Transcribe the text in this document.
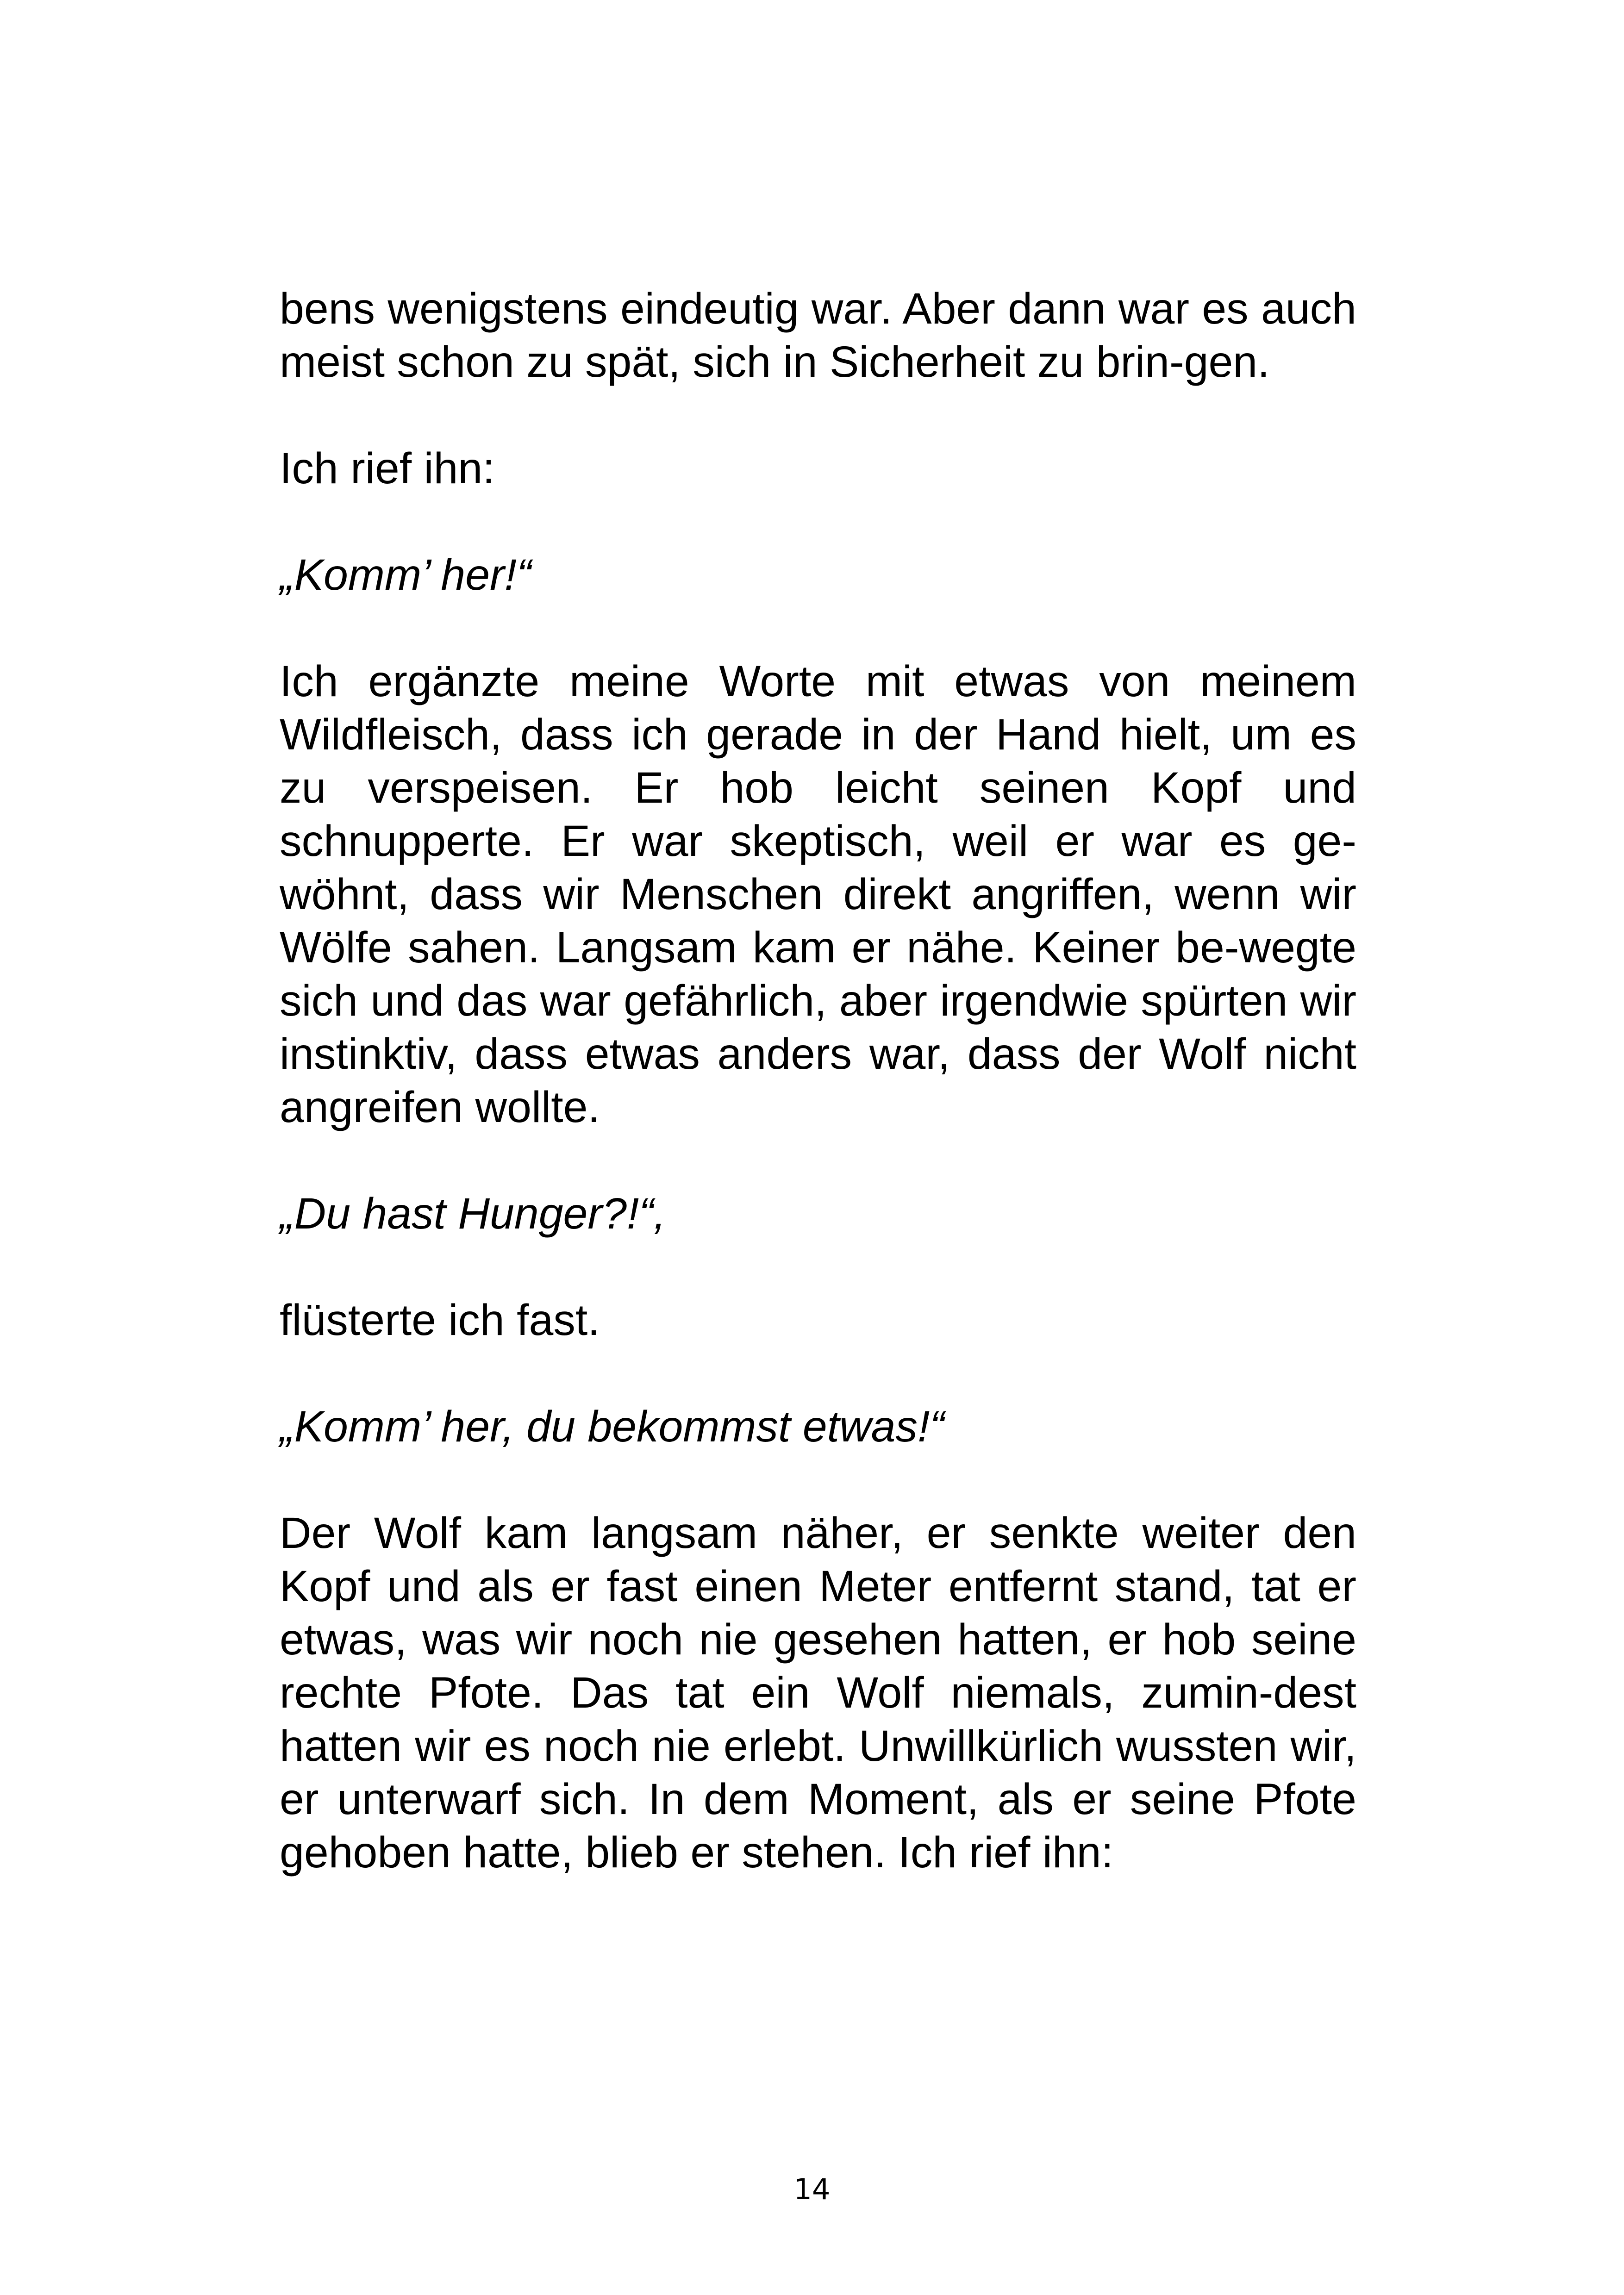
bens wenigstens eindeutig war. Aber dann war es auch meist schon zu spät, sich in Sicherheit zu brin-gen.

Ich rief ihn:

„Komm’ her!“

Ich ergänzte meine Worte mit etwas von meinem Wildfleisch, dass ich gerade in der Hand hielt, um es zu verspeisen. Er hob leicht seinen Kopf und schnupperte. Er war skeptisch, weil er war es ge-wöhnt, dass wir Menschen direkt angriffen, wenn wir Wölfe sahen. Langsam kam er nähe. Keiner be-wegte sich und das war gefährlich, aber irgendwie spürten wir instinktiv, dass etwas anders war, dass der Wolf nicht angreifen wollte.

„Du hast Hunger?!“,

flüsterte ich fast.

„Komm’ her, du bekommst etwas!“

Der Wolf kam langsam näher, er senkte weiter den Kopf und als er fast einen Meter entfernt stand, tat er etwas, was wir noch nie gesehen hatten, er hob seine rechte Pfote. Das tat ein Wolf niemals, zumin-dest hatten wir es noch nie erlebt. Unwillkürlich wussten wir, er unterwarf sich. In dem Moment, als er seine Pfote gehoben hatte, blieb er stehen. Ich rief ihn:

14
